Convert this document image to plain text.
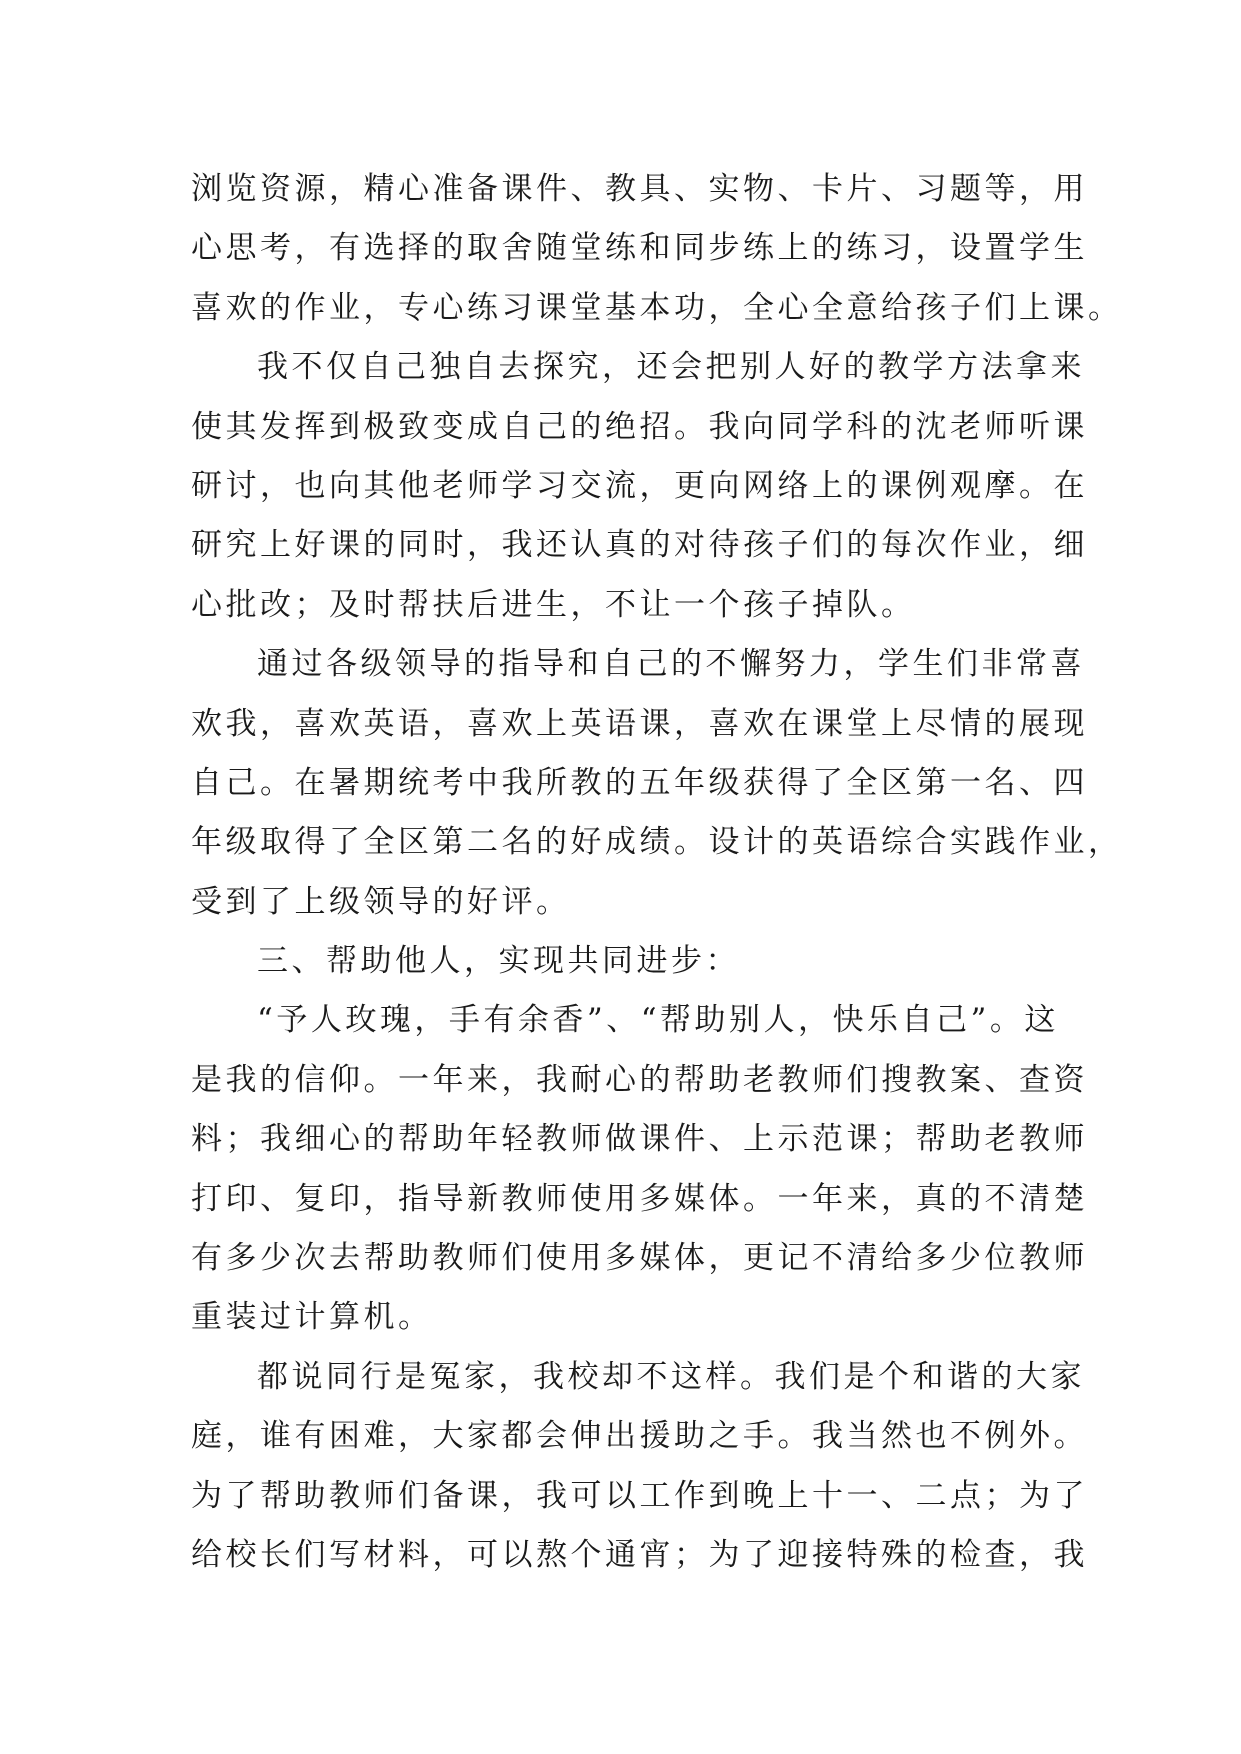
浏览资源，精心准备课件、教具、实物、卡片、习题等，用
心思考，有选择的取舍随堂练和同步练上的练习，设置学生
喜欢的作业，专心练习课堂基本功，全心全意给孩子们上课。
我不仅自己独自去探究，还会把别人好的教学方法拿来
使其发挥到极致变成自己的绝招。我向同学科的沈老师听课
研讨，也向其他老师学习交流，更向网络上的课例观摩。在
研究上好课的同时，我还认真的对待孩子们的每次作业，细
心批改；及时帮扶后进生，不让一个孩子掉队。
通过各级领导的指导和自己的不懈努力，学生们非常喜
欢我，喜欢英语，喜欢上英语课，喜欢在课堂上尽情的展现
自己。在暑期统考中我所教的五年级获得了全区第一名、四
年级取得了全区第二名的好成绩。设计的英语综合实践作业，
受到了上级领导的好评。
三、帮助他人，实现共同进步：
“予人玫瑰，手有余香”、“帮助别人，快乐自己”。这
是我的信仰。一年来，我耐心的帮助老教师们搜教案、查资
料；我细心的帮助年轻教师做课件、上示范课；帮助老教师
打印、复印，指导新教师使用多媒体。一年来，真的不清楚
有多少次去帮助教师们使用多媒体，更记不清给多少位教师
重装过计算机。
都说同行是冤家，我校却不这样。我们是个和谐的大家
庭，谁有困难，大家都会伸出援助之手。我当然也不例外。
为了帮助教师们备课，我可以工作到晚上十一、二点；为了
给校长们写材料，可以熬个通宵；为了迎接特殊的检查，我
